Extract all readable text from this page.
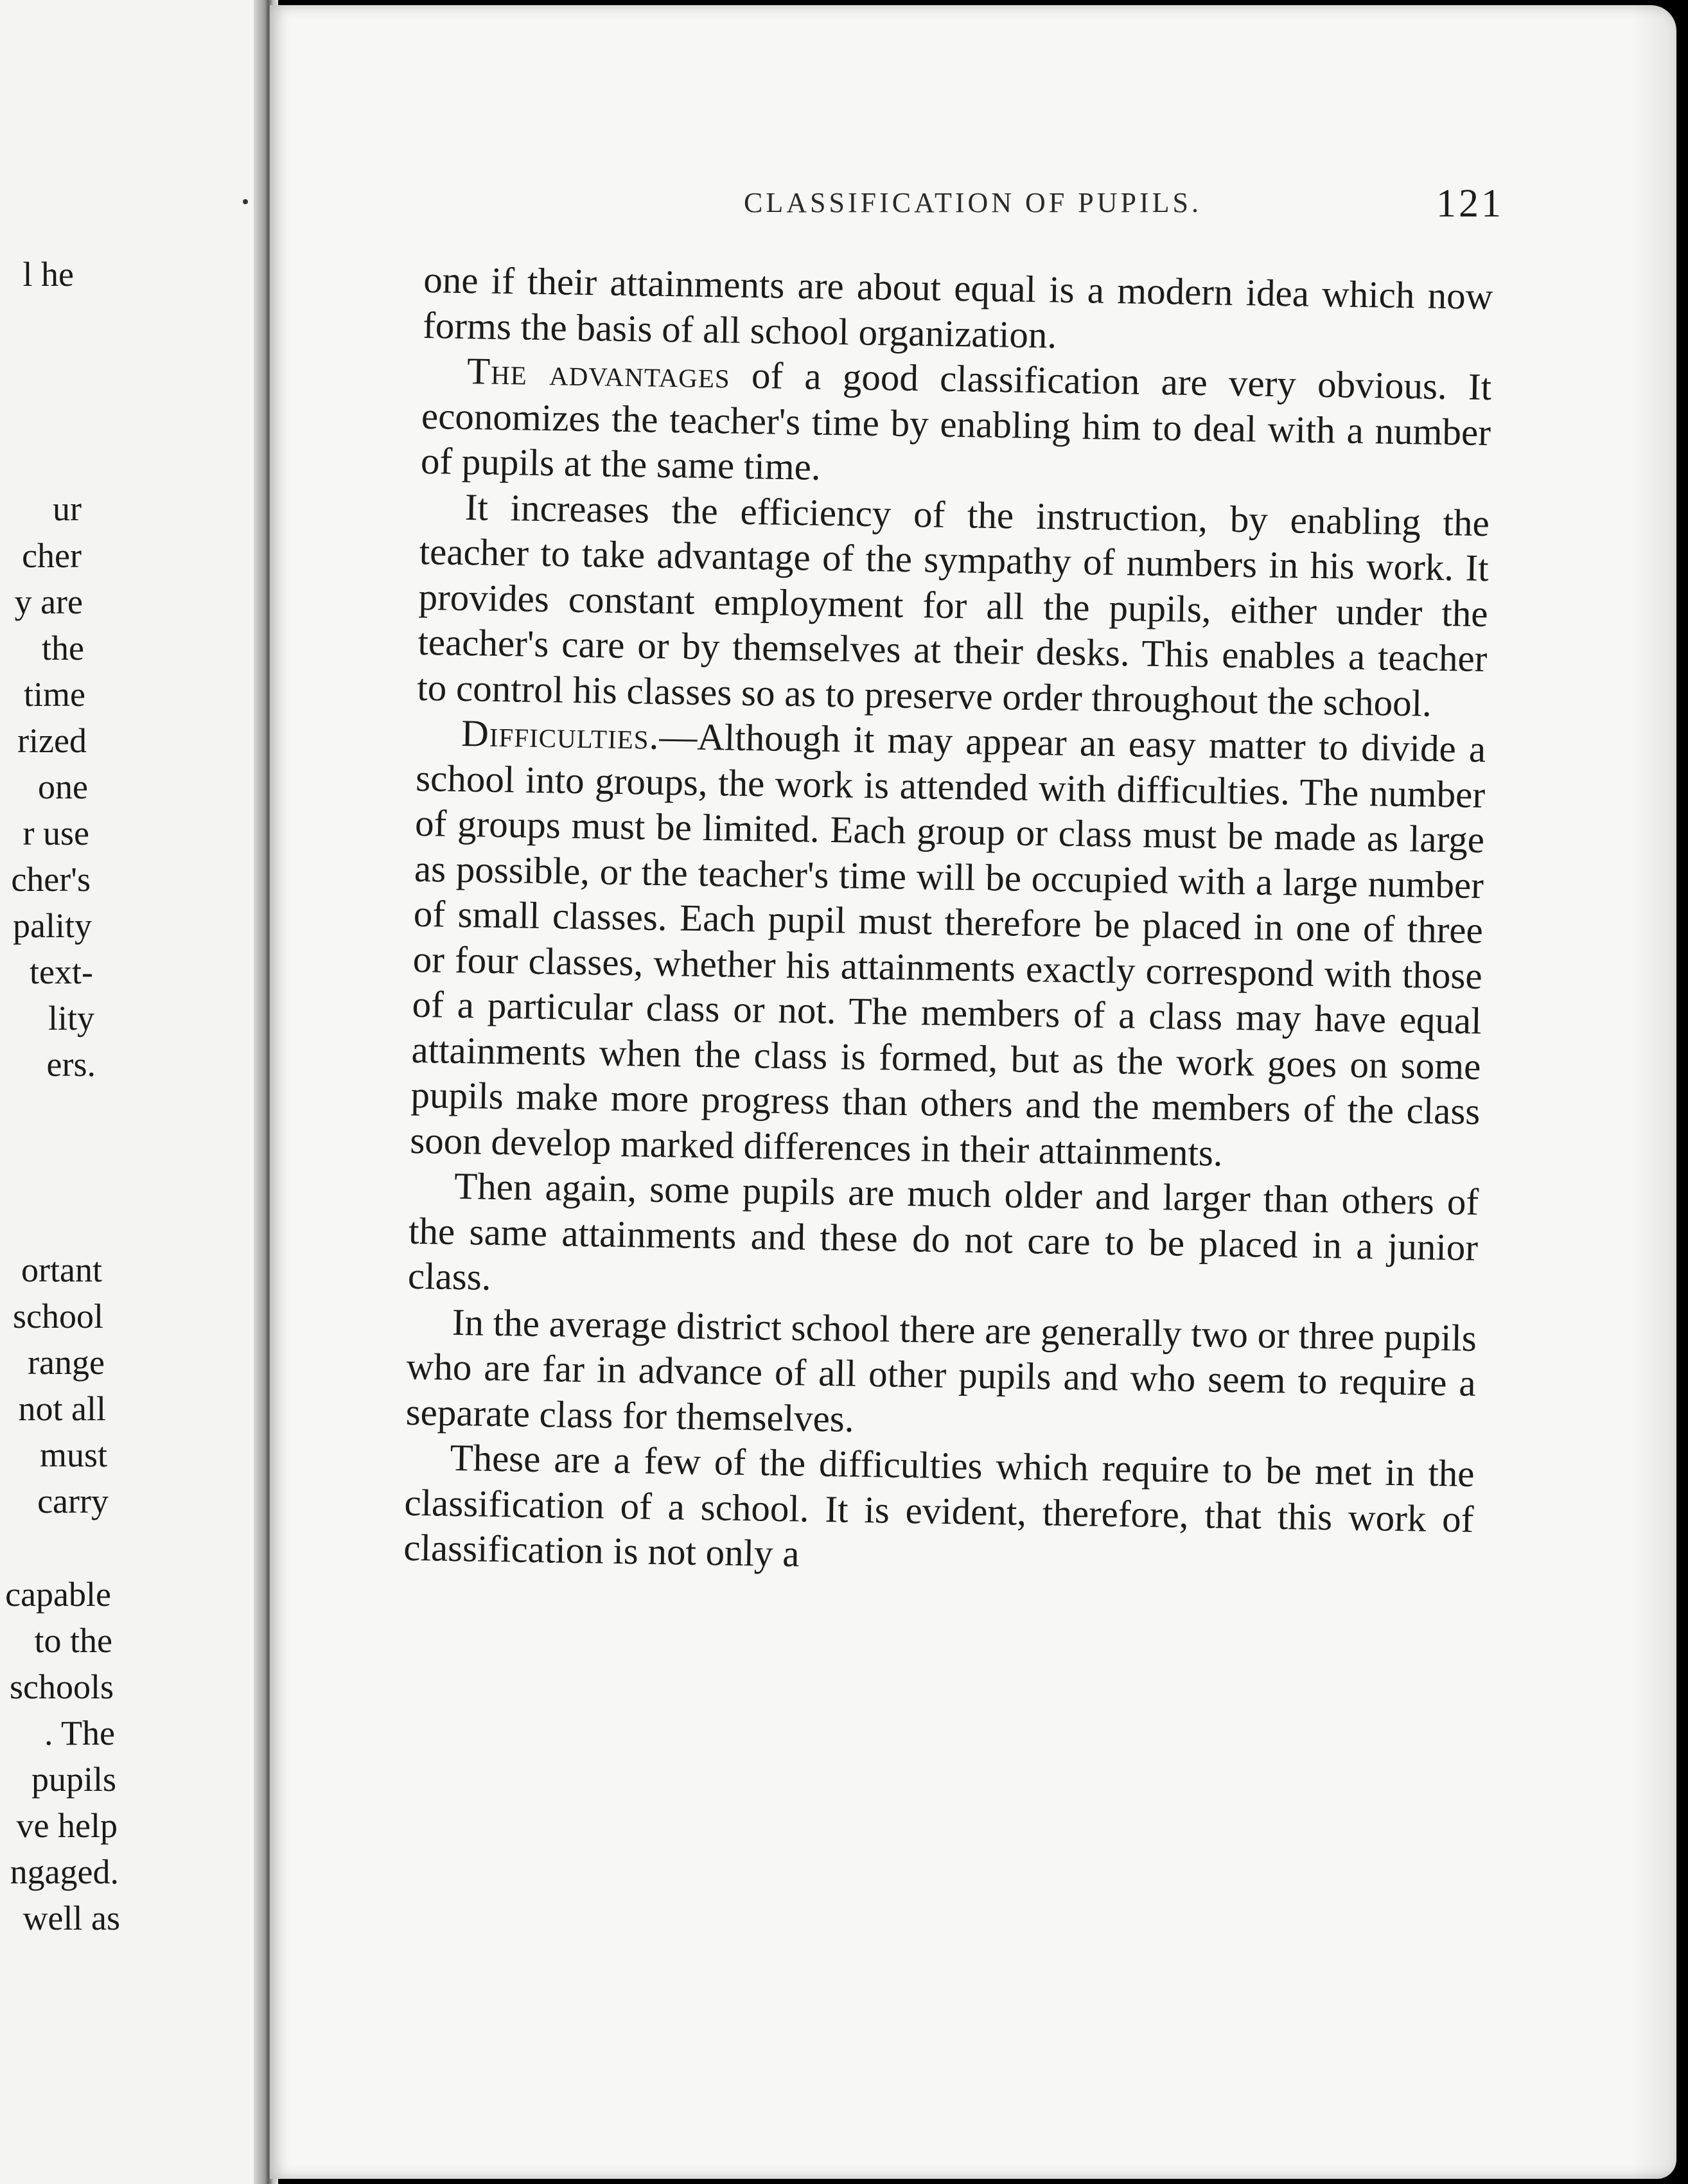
l he
ur
cher
y are
the
time
rized
one
r use
cher's
pality
text-
lity
ers.
ortant
school
range
not all
must
carry
capable
to the
schools
. The
pupils
ve help
ngaged.
well as
CLASSIFICATION OF PUPILS.	121

one if their attainments are about equal is a modern idea which now forms the basis of all school organization.

The advantages of a good classification are very obvious. It economizes the teacher's time by enabling him to deal with a number of pupils at the same time.

It increases the efficiency of the instruction, by enabling the teacher to take advantage of the sympathy of numbers in his work. It provides constant employment for all the pupils, either under the teacher's care or by themselves at their desks. This enables a teacher to control his classes so as to preserve order throughout the school.

Difficulties.—Although it may appear an easy matter to divide a school into groups, the work is attended with difficulties. The number of groups must be limited. Each group or class must be made as large as possible, or the teacher's time will be occupied with a large number of small classes. Each pupil must therefore be placed in one of three or four classes, whether his attainments exactly correspond with those of a particular class or not. The members of a class may have equal attainments when the class is formed, but as the work goes on some pupils make more progress than others and the members of the class soon develop marked differences in their attainments.

Then again, some pupils are much older and larger than others of the same attainments and these do not care to be placed in a junior class.

In the average district school there are generally two or three pupils who are far in advance of all other pupils and who seem to require a separate class for themselves.

These are a few of the difficulties which require to be met in the classification of a school. It is evident, therefore, that this work of classification is not only a
